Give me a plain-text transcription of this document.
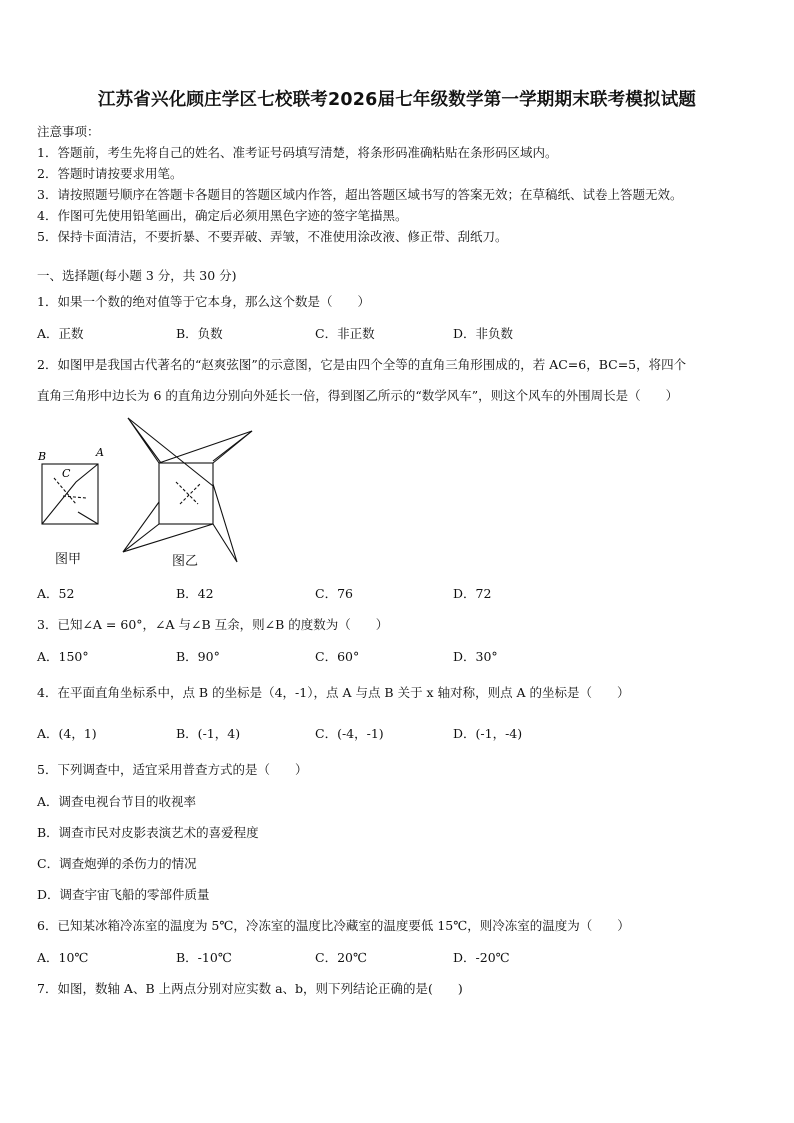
江苏省兴化顾庄学区七校联考2026届七年级数学第一学期期末联考模拟试题
注意事项：
1．答题前，考生先将自己的姓名、准考证号码填写清楚，将条形码准确粘贴在条形码区域内。
2．答题时请按要求用笔。
3．请按照题号顺序在答题卡各题目的答题区域内作答，超出答题区域书写的答案无效；在草稿纸、试卷上答题无效。
4．作图可先使用铅笔画出，确定后必须用黑色字迹的签字笔描黑。
5．保持卡面清洁，不要折暴、不要弄破、弄皱，不准使用涂改液、修正带、刮纸刀。
一、选择题(每小题 3 分，共 30 分)
1．如果一个数的绝对值等于它本身，那么这个数是（　　）
A．正数	B．负数	C．非正数	D．非负数
2．如图甲是我国古代著名的“赵爽弦图”的示意图，它是由四个全等的直角三角形围成的，若 AC=6，BC=5，将四个
直角三角形中边长为 6 的直角边分别向外延长一倍，得到图乙所示的“数学风车”，则这个风车的外围周长是（　　）
B	A
C
图甲	图乙
A．52	B．42	C．76	D．72
3．已知∠A = 60°，∠A 与∠B 互余，则∠B 的度数为（　　）
A．150°	B．90°	C．60°	D．30°
4．在平面直角坐标系中，点 B 的坐标是（4，-1），点 A 与点 B 关于 x 轴对称，则点 A 的坐标是（　　）
A．(4，1)	B．(-1，4)	C．(-4，-1)	D．(-1，-4)
5．下列调查中，适宜采用普查方式的是（　　）
A．调查电视台节目的收视率
B．调查市民对皮影表演艺术的喜爱程度
C．调查炮弹的杀伤力的情况
D．调查宇宙飞船的零部件质量
6．已知某冰箱冷冻室的温度为 5℃，冷冻室的温度比冷藏室的温度要低 15℃，则冷冻室的温度为（　　）
A．10℃	B．-10℃	C．20℃	D．-20℃
7．如图，数轴 A、B 上两点分别对应实数 a、b，则下列结论正确的是(　　)
